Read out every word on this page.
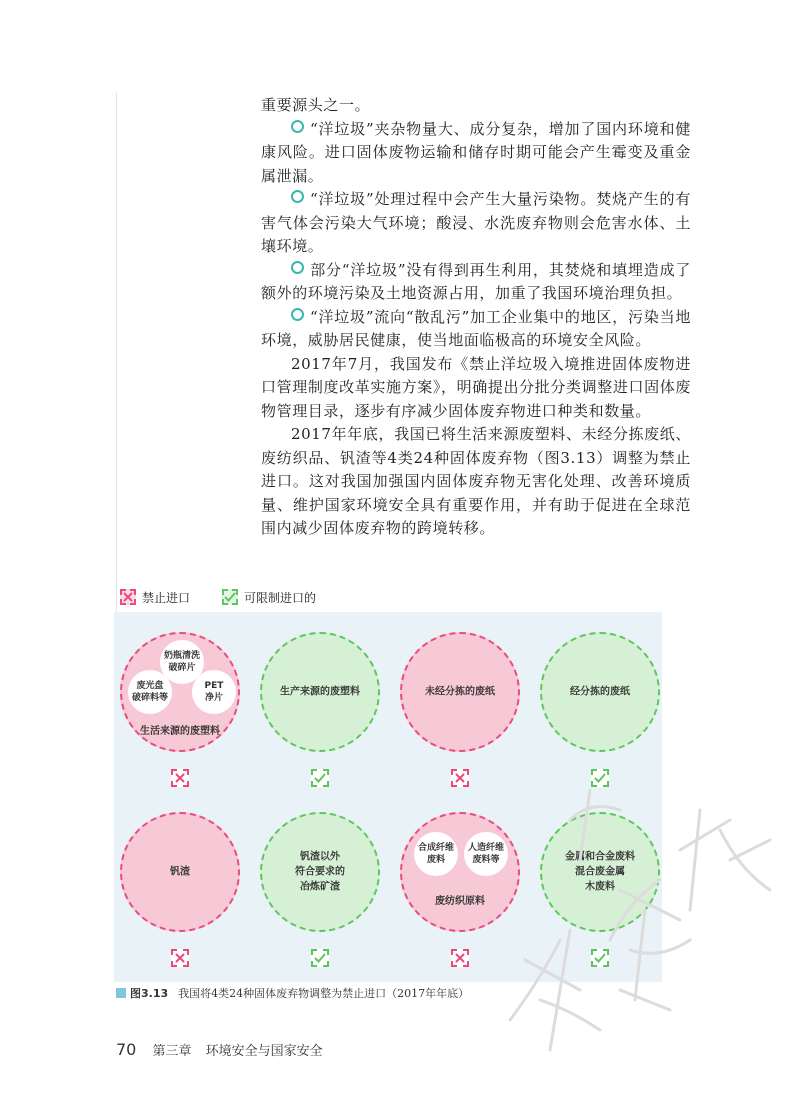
重要源头之一。

“洋垃圾”夹杂物量大、成分复杂，增加了国内环境和健康风险。进口固体废物运输和储存时期可能会产生霉变及重金属泄漏。

“洋垃圾”处理过程中会产生大量污染物。焚烧产生的有害气体会污染大气环境；酸浸、水洗废弃物则会危害水体、土壤环境。

部分“洋垃圾”没有得到再生利用，其焚烧和填埋造成了额外的环境污染及土地资源占用，加重了我国环境治理负担。

“洋垃圾”流向“散乱污”加工企业集中的地区，污染当地环境，威胁居民健康，使当地面临极高的环境安全风险。

2017年7月，我国发布《禁止洋垃圾入境推进固体废物进口管理制度改革实施方案》，明确提出分批分类调整进口固体废物管理目录，逐步有序减少固体废弃物进口种类和数量。

2017年年底，我国已将生活来源废塑料、未经分拣废纸、废纺织品、钒渣等4类24种固体废弃物（图3.13）调整为禁止进口。这对我国加强国内固体废弃物无害化处理、改善环境质量、维护国家环境安全具有重要作用，并有助于促进在全球范围内减少固体废弃物的跨境转移。

禁止进口	可限制进口的
奶瓶清洗
破碎片
废光盘
破碎料等
PET
净片
生活来源的废塑料
生产来源的废塑料	未经分拣的废纸	经分拣的废纸
钒渣
钒渣以外
符合要求的
冶炼矿渣
合成纤维
废料
人造纤维
废料等
废纺织原料
金属和合金废料
混合废金属
木废料
图3.13 我国将4类24种固体废弃物调整为禁止进口（2017年年底）
70 第三章 环境安全与国家安全
